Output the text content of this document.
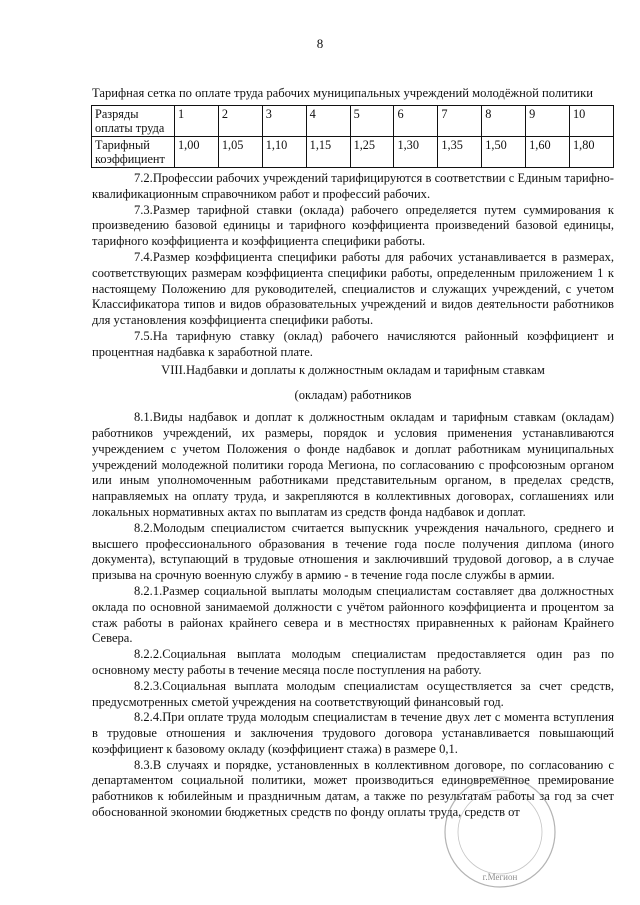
8
Тарифная сетка по оплате труда рабочих муниципальных учреждений молодёжной политики
Разряды оплаты труда	1	2	3	4	5	6	7	8	9	10
Тарифный коэффициент	1,00	1,05	1,10	1,15	1,25	1,30	1,35	1,50	1,60	1,80

7.2.Профессии рабочих учреждений тарифицируются в соответствии с Единым тарифно-квалификационным справочником работ и профессий рабочих.

7.3.Размер тарифной ставки (оклада) рабочего определяется путем суммирования к произведению базовой единицы и тарифного коэффициента произведений базовой единицы, тарифного коэффициента и коэффициента специфики работы.

7.4.Размер коэффициента специфики работы для рабочих устанавливается в размерах, соответствующих размерам коэффициента специфики работы, определенным приложением 1 к настоящему Положению для руководителей, специалистов и служащих учреждений, с учетом Классификатора типов и видов образовательных учреждений и видов деятельности работников для установления коэффициента специфики работы.

7.5.На тарифную ставку (оклад) рабочего начисляются районный коэффициент и процентная надбавка к заработной плате.

VIII.Надбавки и доплаты к должностным окладам и тарифным ставкам
(окладам) работников

8.1.Виды надбавок и доплат к должностным окладам и тарифным ставкам (окладам) работников учреждений, их размеры, порядок и условия применения устанавливаются учреждением с учетом Положения о фонде надбавок и доплат работникам муниципальных учреждений молодежной политики города Мегиона, по согласованию с профсоюзным органом или иным уполномоченным работниками представительным органом, в пределах средств, направляемых на оплату труда, и закрепляются в коллективных договорах, соглашениях или локальных нормативных актах по выплатам из средств фонда надбавок и доплат.

8.2.Молодым специалистом считается выпускник учреждения начального, среднего и высшего профессионального образования в течение года после получения диплома (иного документа), вступающий в трудовые отношения и заключивший трудовой договор, а в случае призыва на срочную военную службу в армию - в течение года после службы в армии.

8.2.1.Размер социальной выплаты молодым специалистам составляет два должностных оклада по основной занимаемой должности с учётом районного коэффициента и процентом за стаж работы в районах крайнего севера и в местностях приравненных к районам Крайнего Севера.

8.2.2.Социальная выплата молодым специалистам предоставляется один раз по основному месту работы в течение месяца после поступления на работу.

8.2.3.Социальная выплата молодым специалистам осуществляется за счет средств, предусмотренных сметой учреждения на соответствующий финансовый год.

8.2.4.При оплате труда молодым специалистам в течение двух лет с момента вступления в трудовые отношения и заключения трудового договора устанавливается повышающий коэффициент к базовому окладу (коэффициент стажа) в размере 0,1.

8.3.В случаях и порядке, установленных в коллективном договоре, по согласованию с департаментом социальной политики, может производиться единовременное премирование работников к юбилейным и праздничным датам, а также по результатам работы за год за счет обоснованной экономии бюджетных средств по фонду оплаты труда, средств от

г.Мегион
